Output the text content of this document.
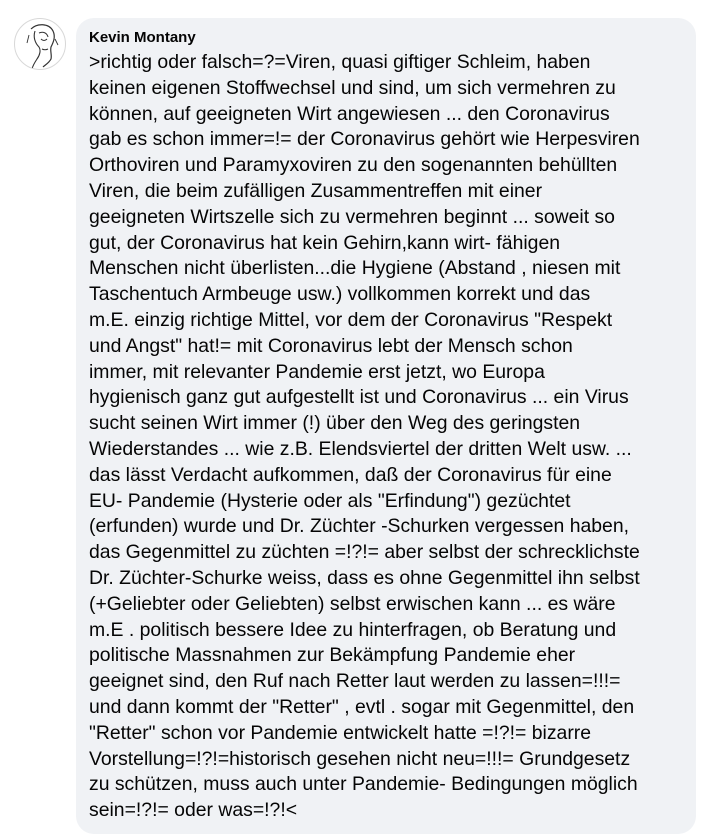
Kevin Montany

>richtig oder falsch=?=Viren, quasi giftiger Schleim, haben
keinen eigenen Stoffwechsel und sind, um sich vermehren zu
können, auf geeigneten Wirt angewiesen ... den Coronavirus
gab es schon immer=!= der Coronavirus gehört wie Herpesviren
Orthoviren und Paramyxoviren zu den sogenannten behüllten
Viren, die beim zufälligen Zusammentreffen mit einer
geeigneten Wirtszelle sich zu vermehren beginnt ... soweit so
gut, der Coronavirus hat kein Gehirn,kann wirt- fähigen
Menschen nicht überlisten...die Hygiene (Abstand , niesen mit
Taschentuch Armbeuge usw.) vollkommen korrekt und das
m.E. einzig richtige Mittel, vor dem der Coronavirus "Respekt
und Angst" hat!= mit Coronavirus lebt der Mensch schon
immer, mit relevanter Pandemie erst jetzt, wo Europa
hygienisch ganz gut aufgestellt ist und Coronavirus ... ein Virus
sucht seinen Wirt immer (!) über den Weg des geringsten
Wiederstandes ... wie z.B. Elendsviertel der dritten Welt usw. ...
das lässt Verdacht aufkommen, daß der Coronavirus für eine
EU- Pandemie (Hysterie oder als "Erfindung") gezüchtet
(erfunden) wurde und Dr. Züchter -Schurken vergessen haben,
das Gegenmittel zu züchten =!?!= aber selbst der schrecklichste
Dr. Züchter-Schurke weiss, dass es ohne Gegenmittel ihn selbst
(+Geliebter oder Geliebten) selbst erwischen kann ... es wäre
m.E . politisch bessere Idee zu hinterfragen, ob Beratung und
politische Massnahmen zur Bekämpfung Pandemie eher
geeignet sind, den Ruf nach Retter laut werden zu lassen=!!!=
und dann kommt der "Retter" , evtl . sogar mit Gegenmittel, den
"Retter" schon vor Pandemie entwickelt hatte =!?!= bizarre
Vorstellung=!?!=historisch gesehen nicht neu=!!!= Grundgesetz
zu schützen, muss auch unter Pandemie- Bedingungen möglich
sein=!?!= oder was=!?!<
